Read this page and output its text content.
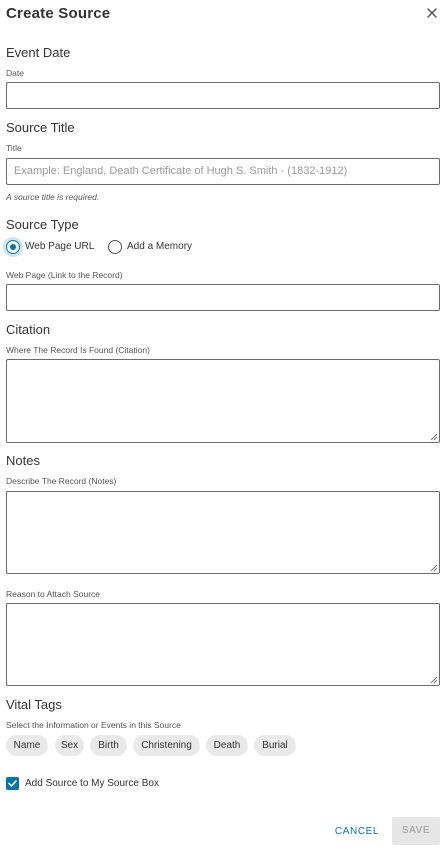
Create Source
Event Date
Date
Source Title
Title
Example: England, Death Certificate of Hugh S. Smith - (1832-1912)
A source title is required.
Source Type
Web Page URL	Add a Memory
Web Page (Link to the Record)
Citation
Where The Record Is Found (Citation)
Notes
Describe The Record (Notes)
Reason to Attach Source
Vital Tags
Select the Information or Events in this Source
Name	Sex	Birth	Christening	Death	Burial
Add Source to My Source Box
CANCEL	SAVE
